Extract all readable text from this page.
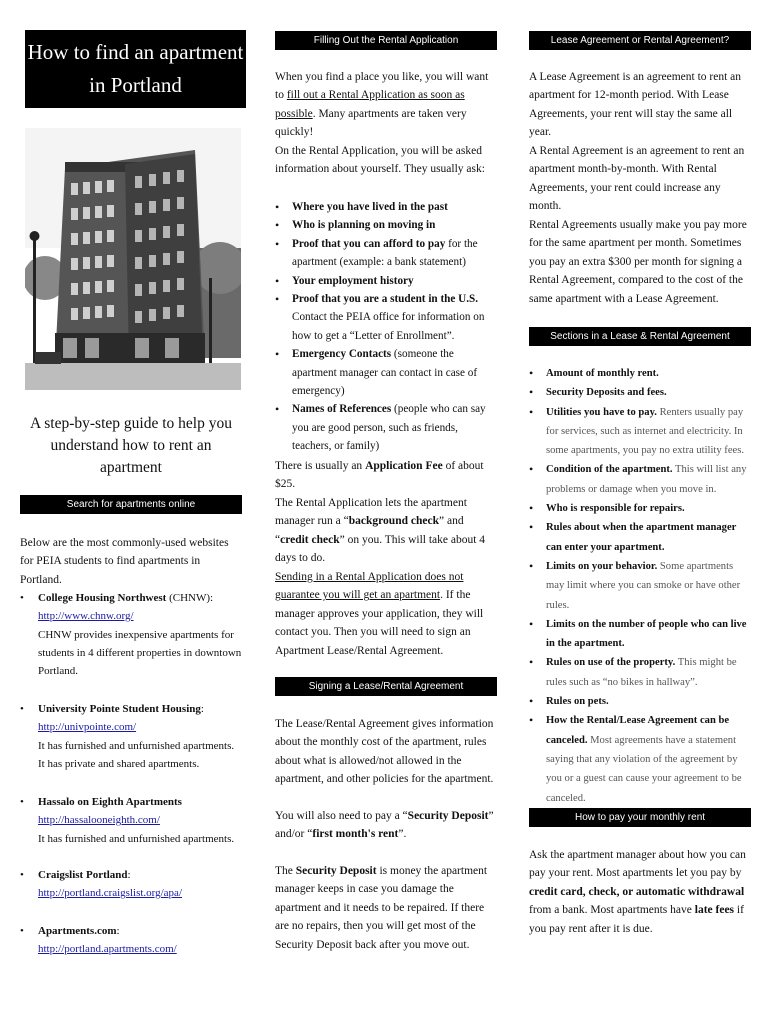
How to find an apartment
in Portland
A step-by-step guide to help you
understand how to rent an apartment
Search for apartments online

Below are the most commonly-used websites for PEIA students to find apartments in Portland.

• College Housing Northwest (CHNW):
http://www.chnw.org/
CHNW provides inexpensive apartments for students in 4 different properties in downtown Portland.
• University Pointe Student Housing:
http://univpointe.com/
It has furnished and unfurnished apartments. It has private and shared apartments.
• Hassalo on Eighth Apartments
http://hassalooneighth.com/
It has furnished and unfurnished apartments.
• Craigslist Portland:
http://portland.craigslist.org/apa/
• Apartments.com:
http://portland.apartments.com/
Filling Out the Rental Application

When you find a place you like, you will want to fill out a Rental Application as soon as possible. Many apartments are taken very quickly!

On the Rental Application, you will be asked information about yourself. They usually ask:

• Where you have lived in the past
• Who is planning on moving in
• Proof that you can afford to pay for the apartment (example: a bank statement)
• Your employment history
• Proof that you are a student in the U.S. Contact the PEIA office for information on how to get a “Letter of Enrollment”.
• Emergency Contacts (someone the apartment manager can contact in case of emergency)
• Names of References (people who can say you are good person, such as friends, teachers, or family)

There is usually an Application Fee of about $25.

The Rental Application lets the apartment manager run a “background check” and “credit check” on you. This will take about 4 days to do.

Sending in a Rental Application does not guarantee you will get an apartment. If the manager approves your application, they will contact you. Then you will need to sign an Apartment Lease/Rental Agreement.

Signing a Lease/Rental Agreement

The Lease/Rental Agreement gives information about the monthly cost of the apartment, rules about what is allowed/not allowed in the apartment, and other policies for the apartment.

You will also need to pay a “Security Deposit” and/or “first month's rent”.

The Security Deposit is money the apartment manager keeps in case you damage the apartment and it needs to be repaired. If there are no repairs, then you will get most of the Security Deposit back after you move out.

Lease Agreement or Rental Agreement?

A Lease Agreement is an agreement to rent an apartment for 12-month period. With Lease Agreements, your rent will stay the same all year.

A Rental Agreement is an agreement to rent an apartment month-by-month. With Rental Agreements, your rent could increase any month.

Rental Agreements usually make you pay more for the same apartment per month. Sometimes you pay an extra $300 per month for signing a Rental Agreement, compared to the cost of the same apartment with a Lease Agreement.

Sections in a Lease & Rental Agreement
• Amount of monthly rent.
• Security Deposits and fees.
• Utilities you have to pay. Renters usually pay for services, such as internet and electricity. In some apartments, you pay no extra utility fees.
• Condition of the apartment. This will list any problems or damage when you move in.
• Who is responsible for repairs.
• Rules about when the apartment manager can enter your apartment.
• Limits on your behavior. Some apartments may limit where you can smoke or have other rules.
• Limits on the number of people who can live in the apartment.
• Rules on use of the property. This might be rules such as “no bikes in hallway”.
• Rules on pets.
• How the Rental/Lease Agreement can be canceled. Most agreements have a statement saying that any violation of the agreement by you or a guest can cause your agreement to be canceled.
How to pay your monthly rent

Ask the apartment manager about how you can pay your rent. Most apartments let you pay by credit card, check, or automatic withdrawal from a bank. Most apartments have late fees if you pay rent after it is due.
